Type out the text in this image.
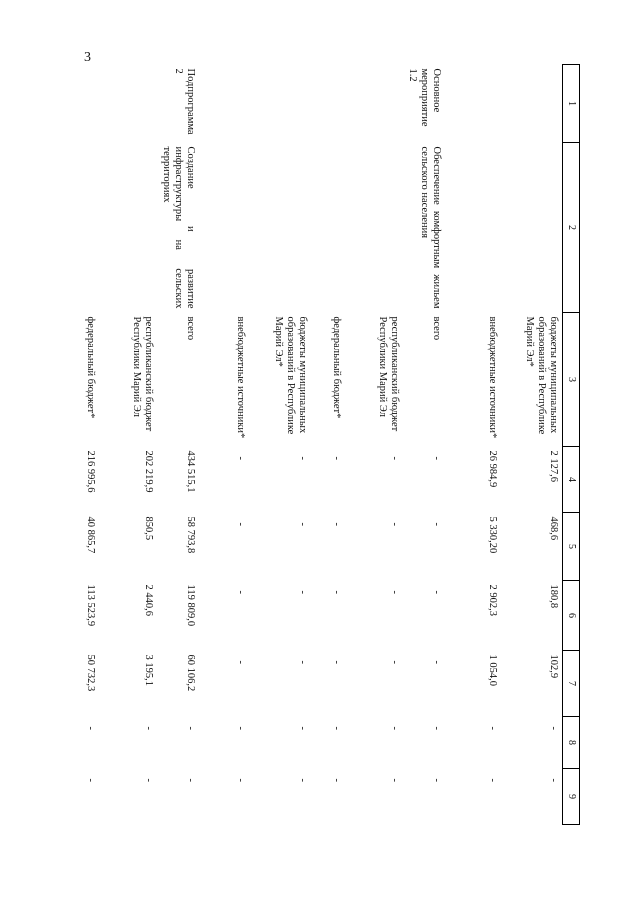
3
1	2	3	4	5	6	7	8	9
		бюджеты муниципальных образований в Республике Марий Эл*	2 127,6	468,6	180,8	102,9	-	-
		внебюджетные источники*	26 984,9	5 330,20	2 902,3	1 054,0	-	-
Основное мероприятие 1.2	Обеспечение комфортным жильем сельского населения	всего	-	-	-	-	-	-
		республиканский бюджет Республики Марий Эл	-	-	-	-	-	-
		федеральный бюджет*	-	-	-	-	-	-
		бюджеты муниципальных образований в Республике Марий Эл*	-	-	-	-	-	-
		внебюджетные источники*	-	-	-	-	-	-
Подпрограмма 2	Создание и развитие инфраструктуры на сельских территориях	всего	434 515,1	58 793,8	119 809,0	60 106,2	-	-
		республиканский бюджет Республики Марий Эл	202 219,9	850,5	2 440,6	3 195,1	-	-
		федеральный бюджет*	216 995,6	40 865,7	113 523,9	50 732,3	-	-
